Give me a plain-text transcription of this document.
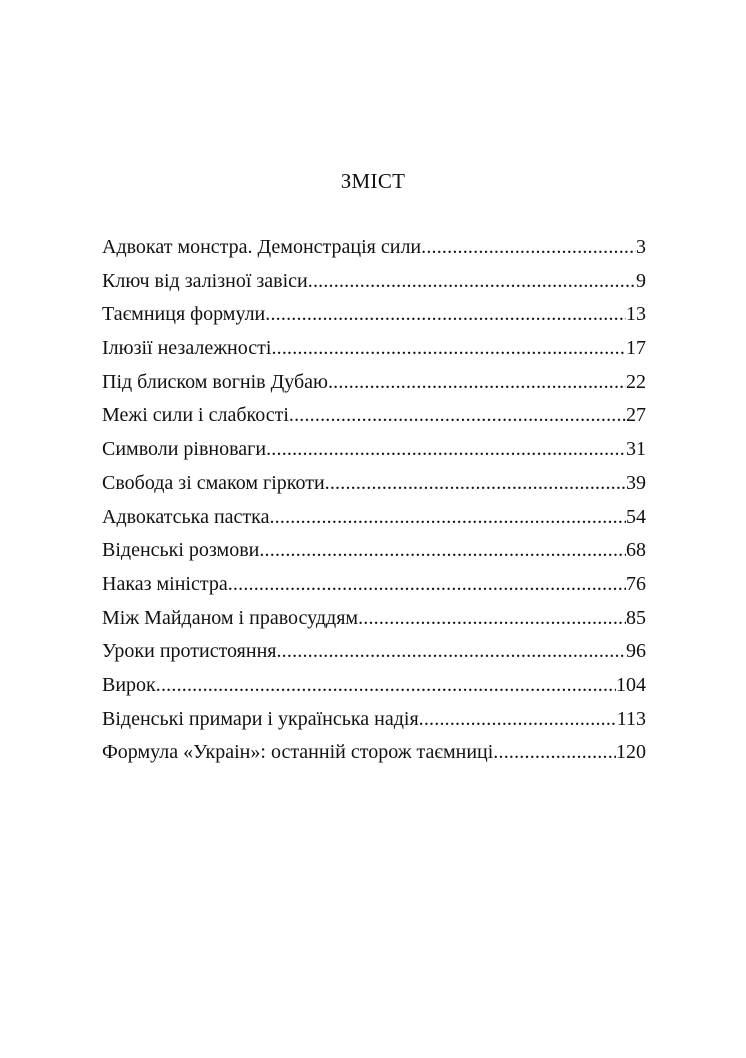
ЗМІСТ
Адвокат монстра. Демонстрація сили .....	3
Ключ від залізної завіси .....	9
Таємниця формули .....	13
Ілюзії незалежності .....	17
Під блиском вогнів Дубаю .....	22
Межі сили і слабкості .....	27
Символи рівноваги .....	31
Свобода зі смаком гіркоти .....	39
Адвокатська пастка .....	54
Віденські розмови .....	68
Наказ міністра .....	76
Між Майданом і правосуддям .....	85
Уроки протистояння .....	96
Вирок .....	104
Віденські примари і українська надія .....	113
Формула «Украін»: останній сторож таємниці .....	120
